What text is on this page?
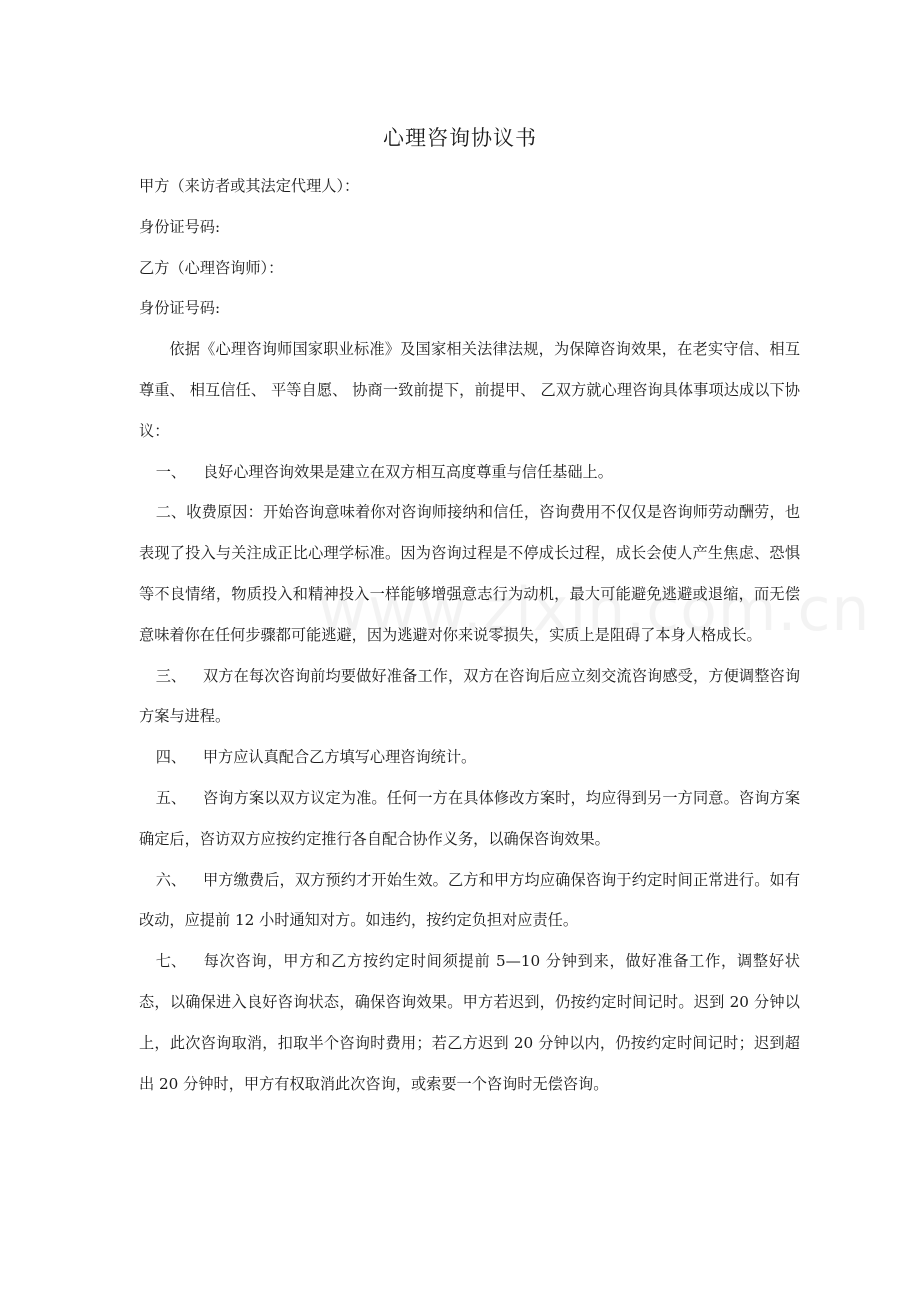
心理咨询协议书

甲方（来访者或其法定代理人）：

身份证号码:

乙方（心理咨询师）：

身份证号码:

依据《心理咨询师国家职业标准》及国家相关法律法规，为保障咨询效果，在老实守信、相互尊重、 相互信任、 平等自愿、 协商一致前提下，前提甲、 乙双方就心理咨询具体事项达成以下协议：

一、 良好心理咨询效果是建立在双方相互高度尊重与信任基础上。

二、收费原因：开始咨询意味着你对咨询师接纳和信任，咨询费用不仅仅是咨询师劳动酬劳，也表现了投入与关注成正比心理学标准。因为咨询过程是不停成长过程，成长会使人产生焦虑、恐惧等不良情绪，物质投入和精神投入一样能够增强意志行为动机，最大可能避免逃避或退缩，而无偿意味着你在任何步骤都可能逃避，因为逃避对你来说零损失，实质上是阻碍了本身人格成长。

三、 双方在每次咨询前均要做好准备工作，双方在咨询后应立刻交流咨询感受，方便调整咨询方案与进程。

四、 甲方应认真配合乙方填写心理咨询统计。

五、 咨询方案以双方议定为准。任何一方在具体修改方案时，均应得到另一方同意。咨询方案确定后，咨访双方应按约定推行各自配合协作义务，以确保咨询效果。

六、 甲方缴费后，双方预约才开始生效。乙方和甲方均应确保咨询于约定时间正常进行。如有改动，应提前 12 小时通知对方。如违约，按约定负担对应责任。

七、 每次咨询，甲方和乙方按约定时间须提前 5—10 分钟到来，做好准备工作，调整好状态，以确保进入良好咨询状态，确保咨询效果。甲方若迟到，仍按约定时间记时。迟到 20 分钟以上，此次咨询取消，扣取半个咨询时费用；若乙方迟到 20 分钟以内，仍按约定时间记时；迟到超出 20 分钟时，甲方有权取消此次咨询，或索要一个咨询时无偿咨询。
